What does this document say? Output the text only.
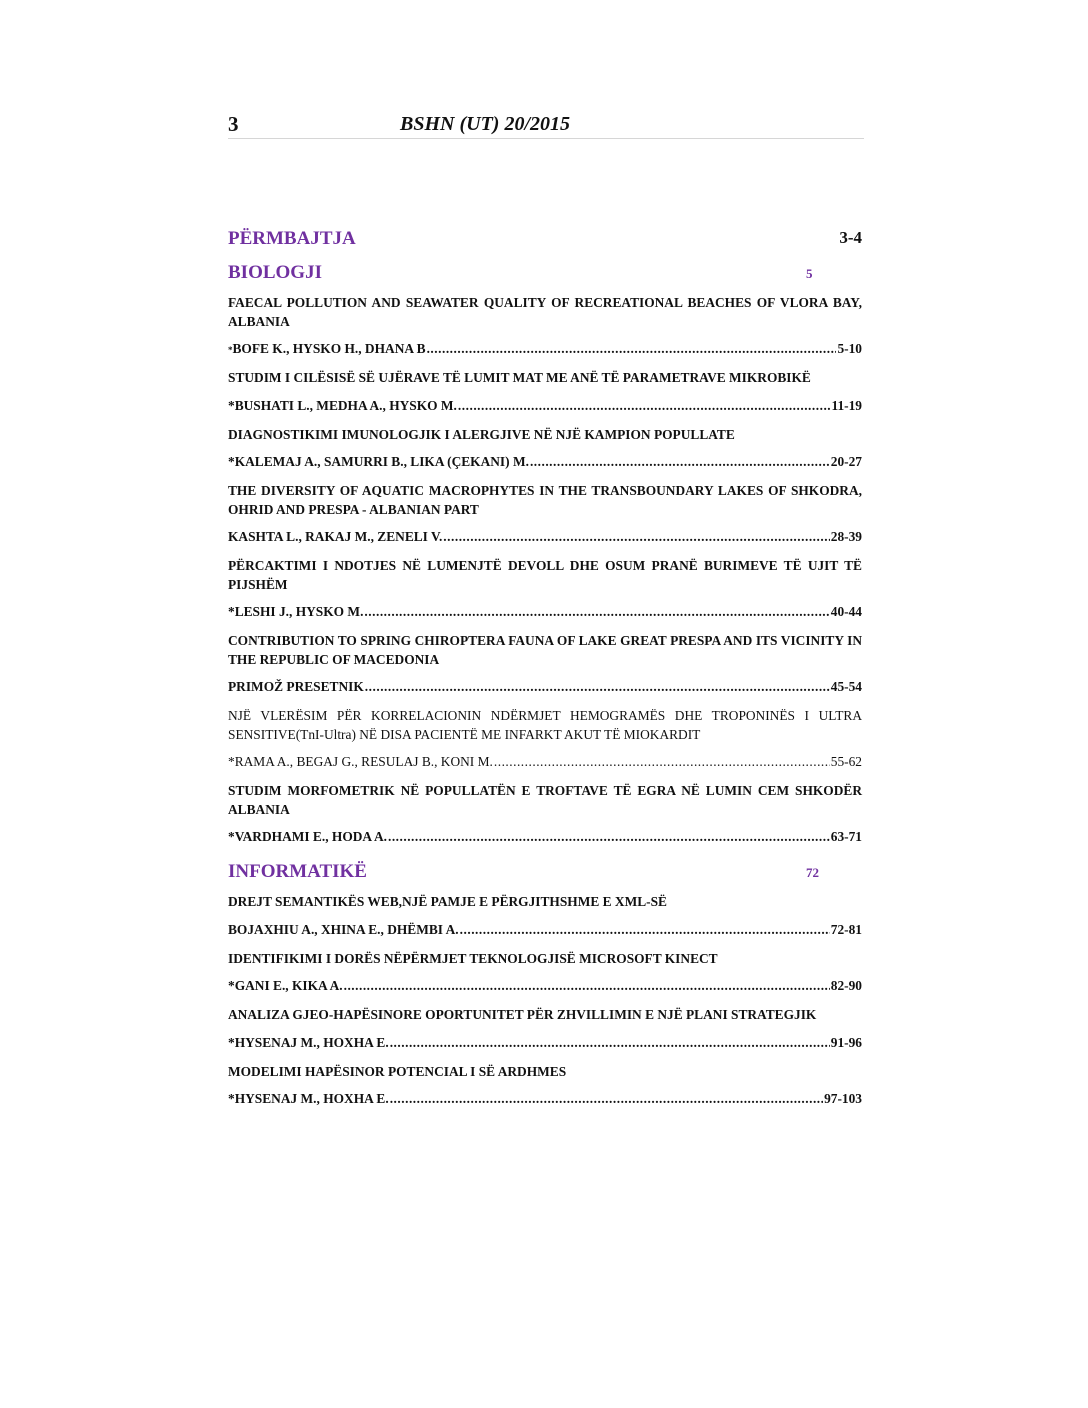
3	BSHN (UT) 20/2015
PËRMBAJTJA	3-4
BIOLOGJI	5
FAECAL POLLUTION AND SEAWATER QUALITY OF RECREATIONAL BEACHES OF VLORA BAY, ALBANIA
* BOFE K., HYSKO H., DHANA B .....	5-10
STUDIM I CILËSISË SË UJËRAVE TË LUMIT MAT ME ANË TË PARAMETRAVE MIKROBIKË
*BUSHATI L., MEDHA A., HYSKO M. .....	11-19
DIAGNOSTIKIMI IMUNOLOGJIK I ALERGJIVE NË NJË KAMPION POPULLATE
*KALEMAJ A., SAMURRI B., LIKA (ÇEKANI) M. .....	20-27
THE DIVERSITY OF AQUATIC MACROPHYTES IN THE TRANSBOUNDARY LAKES OF SHKODRA, OHRID AND PRESPA - ALBANIAN PART
KASHTA L., RAKAJ M., ZENELI V. .....	28-39
PËRCAKTIMI I NDOTJES NË LUMENJTË DEVOLL DHE OSUM PRANË BURIMEVE TË UJIT TË PIJSHËM
*LESHI J., HYSKO M. .....	40-44
CONTRIBUTION TO SPRING CHIROPTERA FAUNA OF LAKE GREAT PRESPA AND ITS VICINITY IN THE REPUBLIC OF MACEDONIA
PRIMOŽ PRESETNIK .....	45-54
NJË VLERËSIM PËR KORRELACIONIN NDËRMJET HEMOGRAMËS DHE TROPONINËS I ULTRA SENSITIVE(TnI-Ultra) NË DISA PACIENTË ME INFARKT AKUT TË MIOKARDIT
*RAMA A., BEGAJ G., RESULAJ B., KONI M. .....	55-62
STUDIM MORFOMETRIK NË POPULLATËN E TROFTAVE TË EGRA NË LUMIN CEM SHKODËR ALBANIA
*VARDHAMI E., HODA A. .....	63-71
INFORMATIKË	72
DREJT SEMANTIKËS WEB,NJË PAMJE E PËRGJITHSHME E XML-SË
BOJAXHIU A., XHINA E., DHËMBI A. .....	72-81
IDENTIFIKIMI I DORËS NËPËRMJET TEKNOLOGJISË MICROSOFT KINECT
*GANI E., KIKA A. .....	82-90
ANALIZA GJEO-HAPËSINORE OPORTUNITET PËR ZHVILLIMIN E NJË PLANI STRATEGJIK
*HYSENAJ M., HOXHA E. .....	91-96
MODELIMI HAPËSINOR POTENCIAL I SË ARDHMES
*HYSENAJ M., HOXHA E. .....	97-103
